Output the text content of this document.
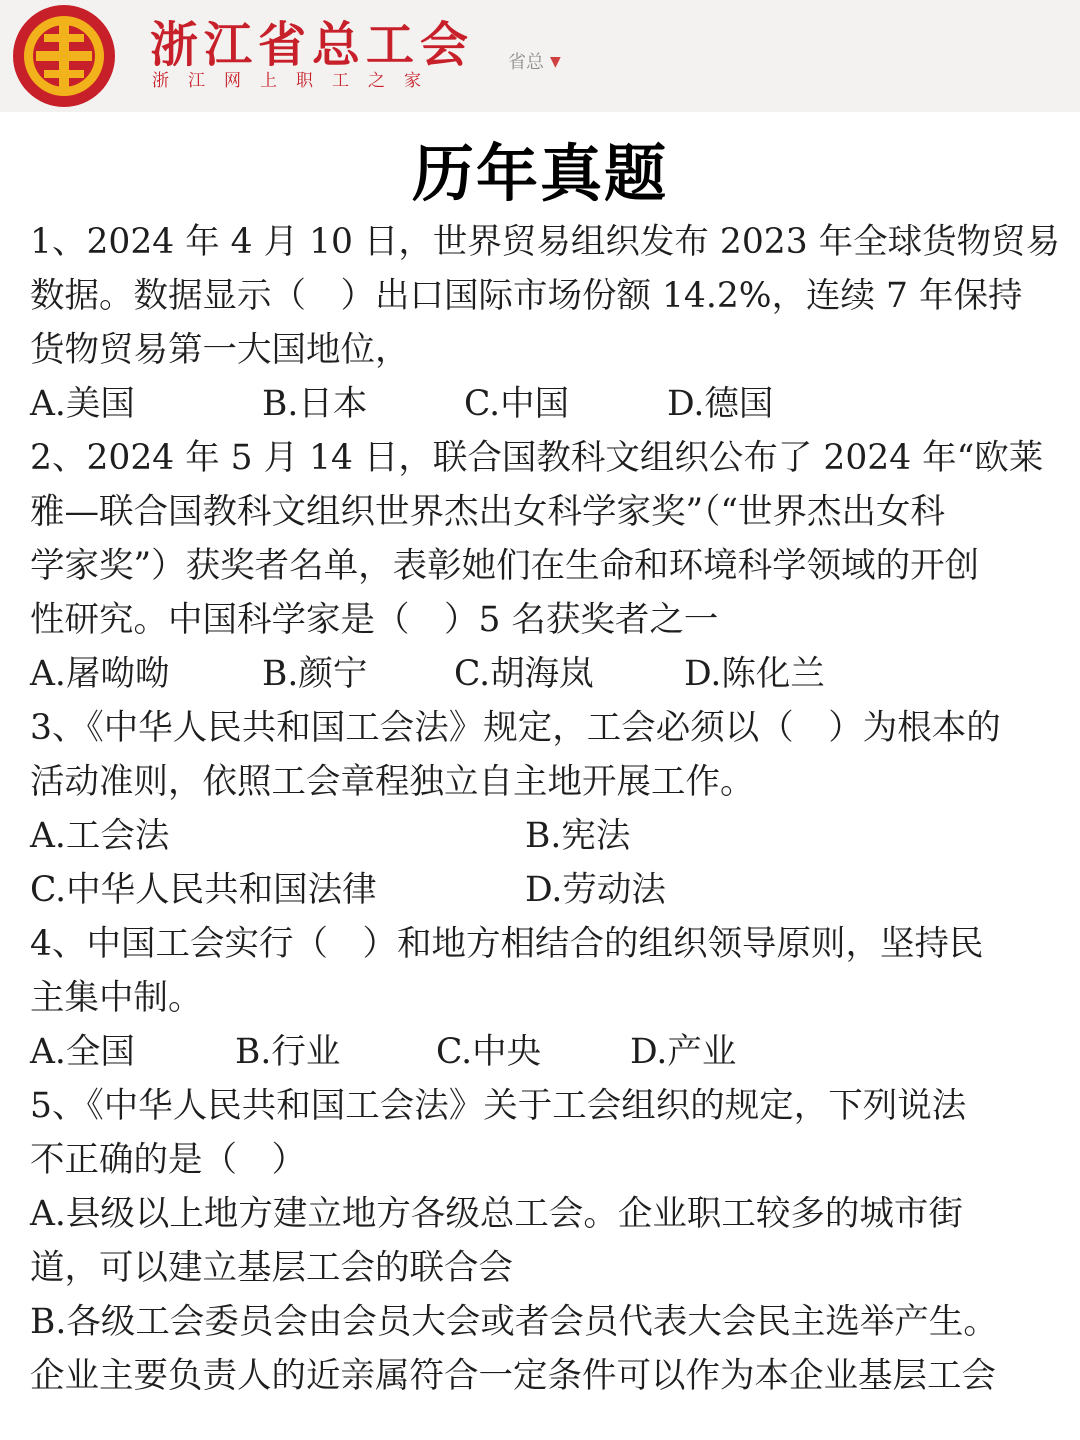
浙江省总工会
浙江网上职工之家
省总 ▼
历年真题
1、2024 年 4 月 10 日，世界贸易组织发布 2023 年全球货物贸易
数据。数据显示（　）出口国际市场份额 14.2%，连续 7 年保持
货物贸易第一大国地位，
A.美国	B.日本	C.中国	D.德国
2、2024 年 5 月 14 日，联合国教科文组织公布了 2024 年“欧莱
雅—联合国教科文组织世界杰出女科学家奖”（“世界杰出女科
学家奖”）获奖者名单，表彰她们在生命和环境科学领域的开创
性研究。中国科学家是（　）5 名获奖者之一
A.屠呦呦	B.颜宁	C.胡海岚	D.陈化兰
3、《中华人民共和国工会法》规定，工会必须以（　）为根本的
活动准则，依照工会章程独立自主地开展工作。
A.工会法	B.宪法
C.中华人民共和国法律	D.劳动法
4、中国工会实行（　）和地方相结合的组织领导原则，坚持民
主集中制。
A.全国	B.行业	C.中央	D.产业
5、《中华人民共和国工会法》关于工会组织的规定，下列说法
不正确的是（　）
A.县级以上地方建立地方各级总工会。企业职工较多的城市街
道，可以建立基层工会的联合会
B.各级工会委员会由会员大会或者会员代表大会民主选举产生。
企业主要负责人的近亲属符合一定条件可以作为本企业基层工会
